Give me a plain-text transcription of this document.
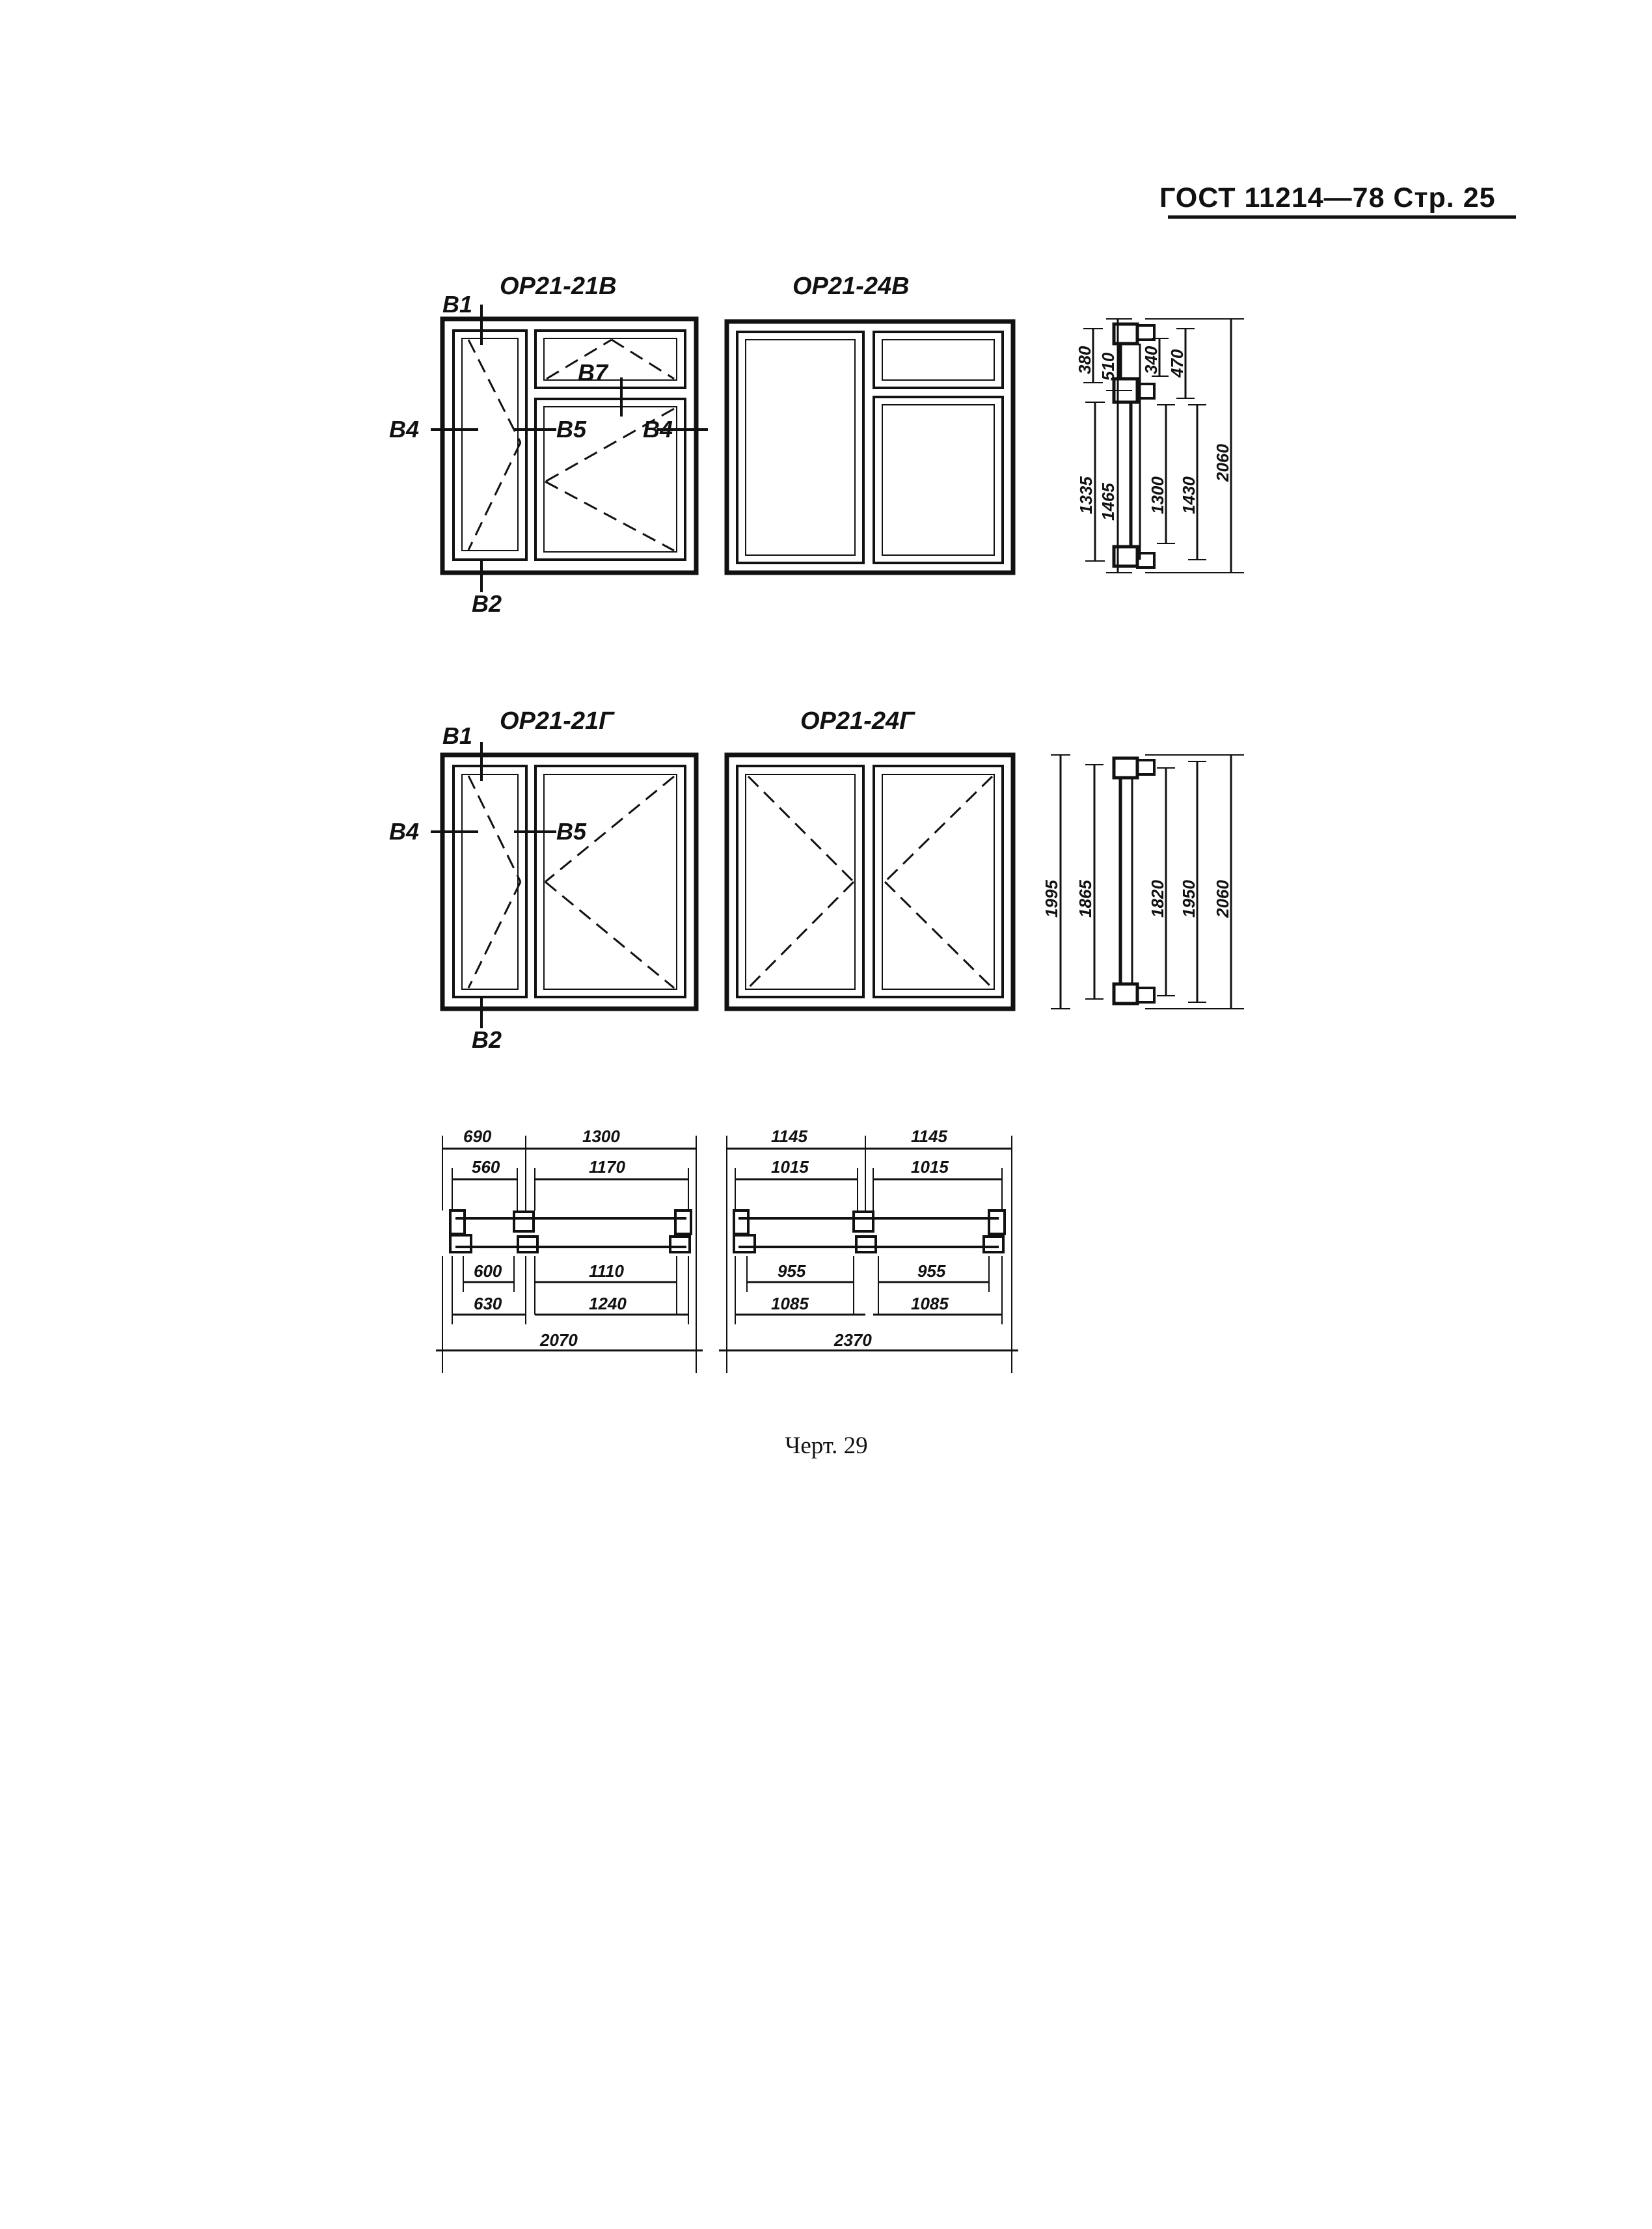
ГОСТ 11214—78 Стр. 25
ОР21-21В
В1
В4	В5
В7
В4
В2
ОР21-24В
510
380	340 470
1465
1335	1300 1430
2060
ОР21-21Г
В1
В4	В5
В2
ОР21-24Г
1995 1865	1820 1950 2060
690	1300
560	1170
600	1110
630	1240
2070
1145	1145
1015	1015
955	955
1085	1085
2370
Черт. 29
